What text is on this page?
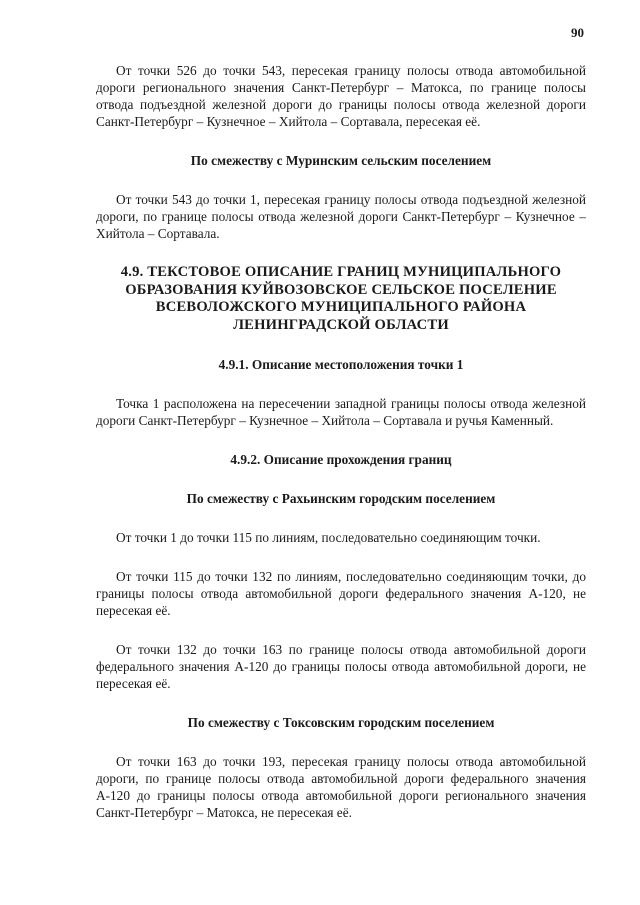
90

От точки 526 до точки 543, пересекая границу полосы отвода автомобильной дороги регионального значения Санкт-Петербург – Матокса, по границе полосы отвода подъездной железной дороги до границы полосы отвода железной дороги Санкт-Петербург – Кузнечное – Хийтола – Сортавала, пересекая её.

По смежеству с Муринским сельским поселением

От точки 543 до точки 1, пересекая границу полосы отвода подъездной железной дороги, по границе полосы отвода железной дороги Санкт-Петербург – Кузнечное – Хийтола – Сортавала.

4.9. ТЕКСТОВОЕ ОПИСАНИЕ ГРАНИЦ МУНИЦИПАЛЬНОГО ОБРАЗОВАНИЯ КУЙВОЗОВСКОЕ СЕЛЬСКОЕ ПОСЕЛЕНИЕ ВСЕВОЛОЖСКОГО МУНИЦИПАЛЬНОГО РАЙОНА ЛЕНИНГРАДСКОЙ ОБЛАСТИ
4.9.1. Описание местоположения точки 1

Точка 1 расположена на пересечении западной границы полосы отвода железной дороги Санкт-Петербург – Кузнечное – Хийтола – Сортавала и ручья Каменный.

4.9.2. Описание прохождения границ
По смежеству с Рахьинским городским поселением

От точки 1 до точки 115 по линиям, последовательно соединяющим точки.

От точки 115 до точки 132 по линиям, последовательно соединяющим точки, до границы полосы отвода автомобильной дороги федерального значения А-120, не пересекая её.

От точки 132 до точки 163 по границе полосы отвода автомобильной дороги федерального значения А-120 до границы полосы отвода автомобильной дороги, не пересекая её.

По смежеству с Токсовским городским поселением

От точки 163 до точки 193, пересекая границу полосы отвода автомобильной дороги, по границе полосы отвода автомобильной дороги федерального значения А-120 до границы полосы отвода автомобильной дороги регионального значения Санкт-Петербург – Матокса, не пересекая её.
